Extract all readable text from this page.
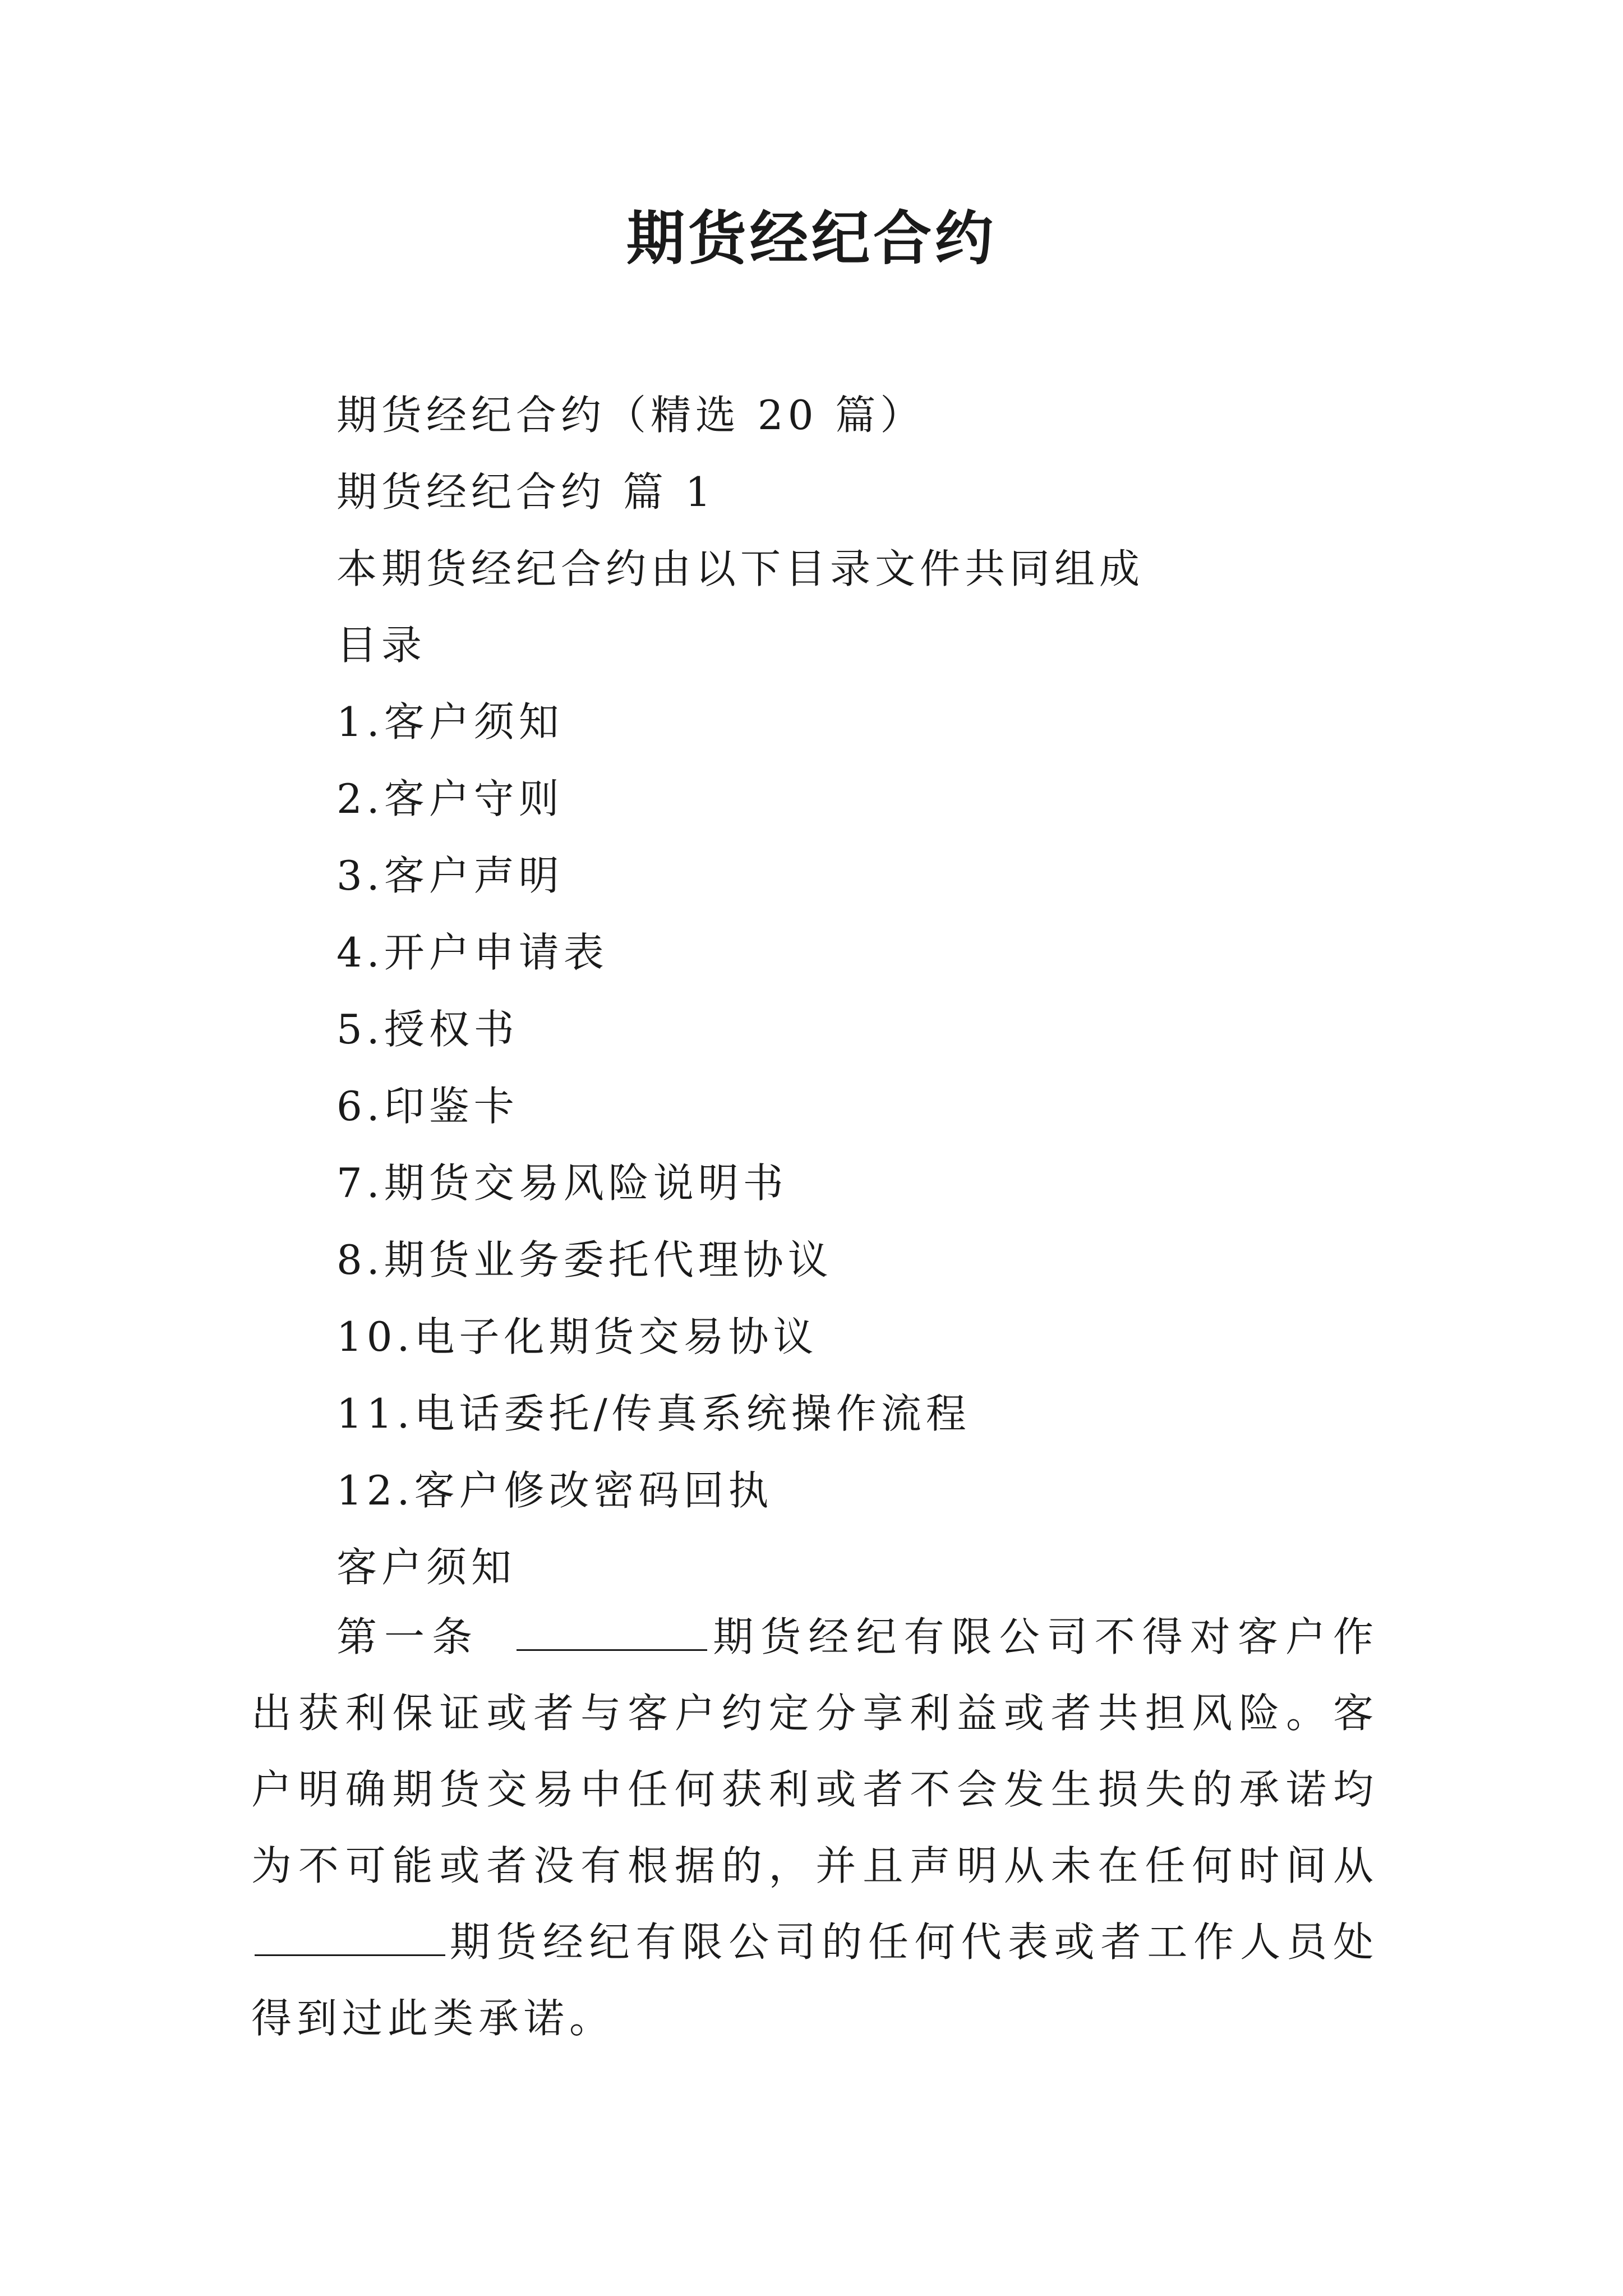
期货经纪合约
期货经纪合约（精选 20 篇）
期货经纪合约 篇 1
本期货经纪合约由以下目录文件共同组成
目录
1.客户须知
2.客户守则
3.客户声明
4.开户申请表
5.授权书
6.印鉴卡
7.期货交易风险说明书
8.期货业务委托代理协议
10.电子化期货交易协议
11.电话委托/传真系统操作流程
12.客户修改密码回执
客户须知

第一条	期货经纪有限公司不得对客户作出获利保证或者与客户约定分享利益或者共担风险。客户明确期货交易中任何获利或者不会发生损失的承诺均为不可能或者没有根据的，并且声明从未在任何时间从期货经纪有限公司的任何代表或者工作人员处得到过此类承诺。
